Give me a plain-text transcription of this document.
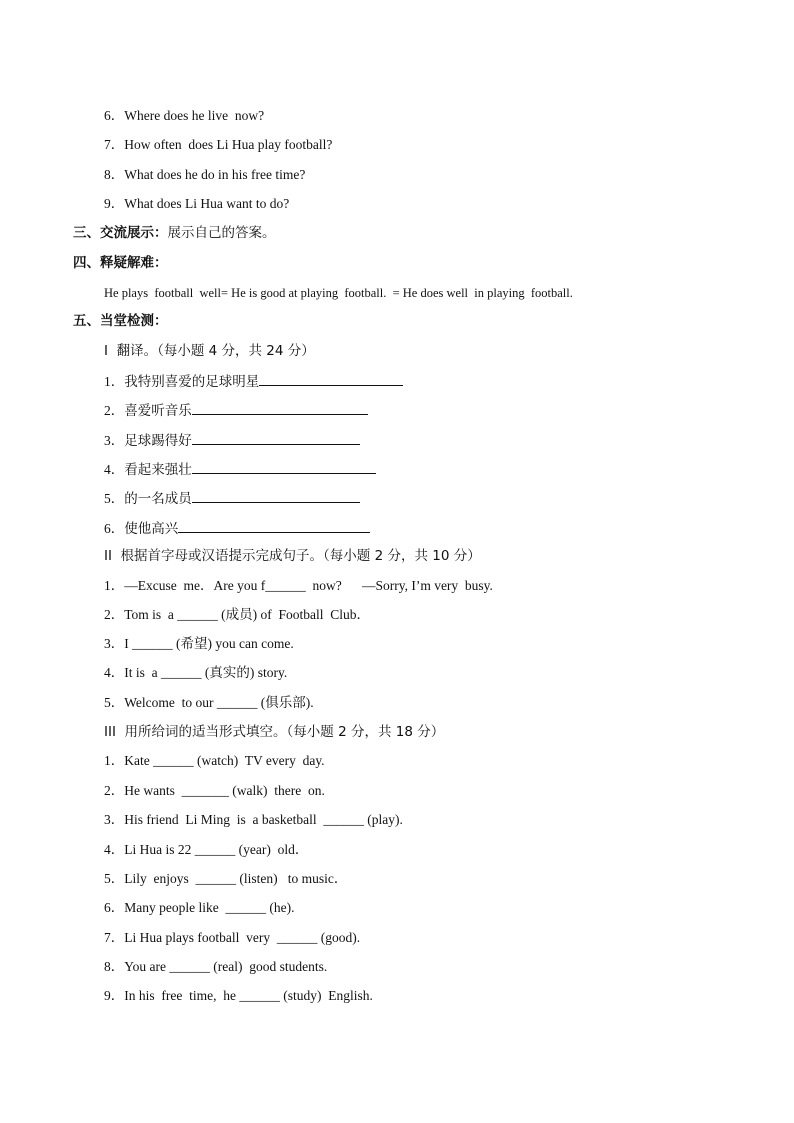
6．Where does he live  now?
7．How often  does Li Hua play football?
8．What does he do in his free time?
9．What does Li Hua want to do?
三、交流展示：展示自己的答案。
四、释疑解难：
He plays  football  well= He is good at playing  football.  = He does well  in playing  football.
五、当堂检测：
I  翻译。（每小题 4 分，共 24 分）
1．我特别喜爱的足球明星
2．喜爱听音乐
3．足球踢得好
4．看起来强壮
5．的一名成员
6．使他高兴
II  根据首字母或汉语提示完成句子。（每小题 2 分，共 10 分）
1．—Excuse  me．Are you f______  now?      —Sorry, I’m very  busy.
2．Tom is  a ______ (成员) of  Football  Club．
3．I ______ (希望) you can come.
4．It is  a ______ (真实的) story.
5．Welcome  to our ______ (俱乐部).
III  用所给词的适当形式填空。（每小题 2 分，共 18 分）
1．Kate ______ (watch)  TV every  day.
2．He wants  _______ (walk)  there  on.
3．His friend  Li Ming  is  a basketball  ______ (play).
4．Li Hua is 22 ______ (year)  old．
5．Lily  enjoys  ______ (listen)   to music．
6．Many people like  ______ (he).
7．Li Hua plays football  very  ______ (good).
8．You are ______ (real)  good students.
9．In his  free  time,  he ______ (study)  English.
